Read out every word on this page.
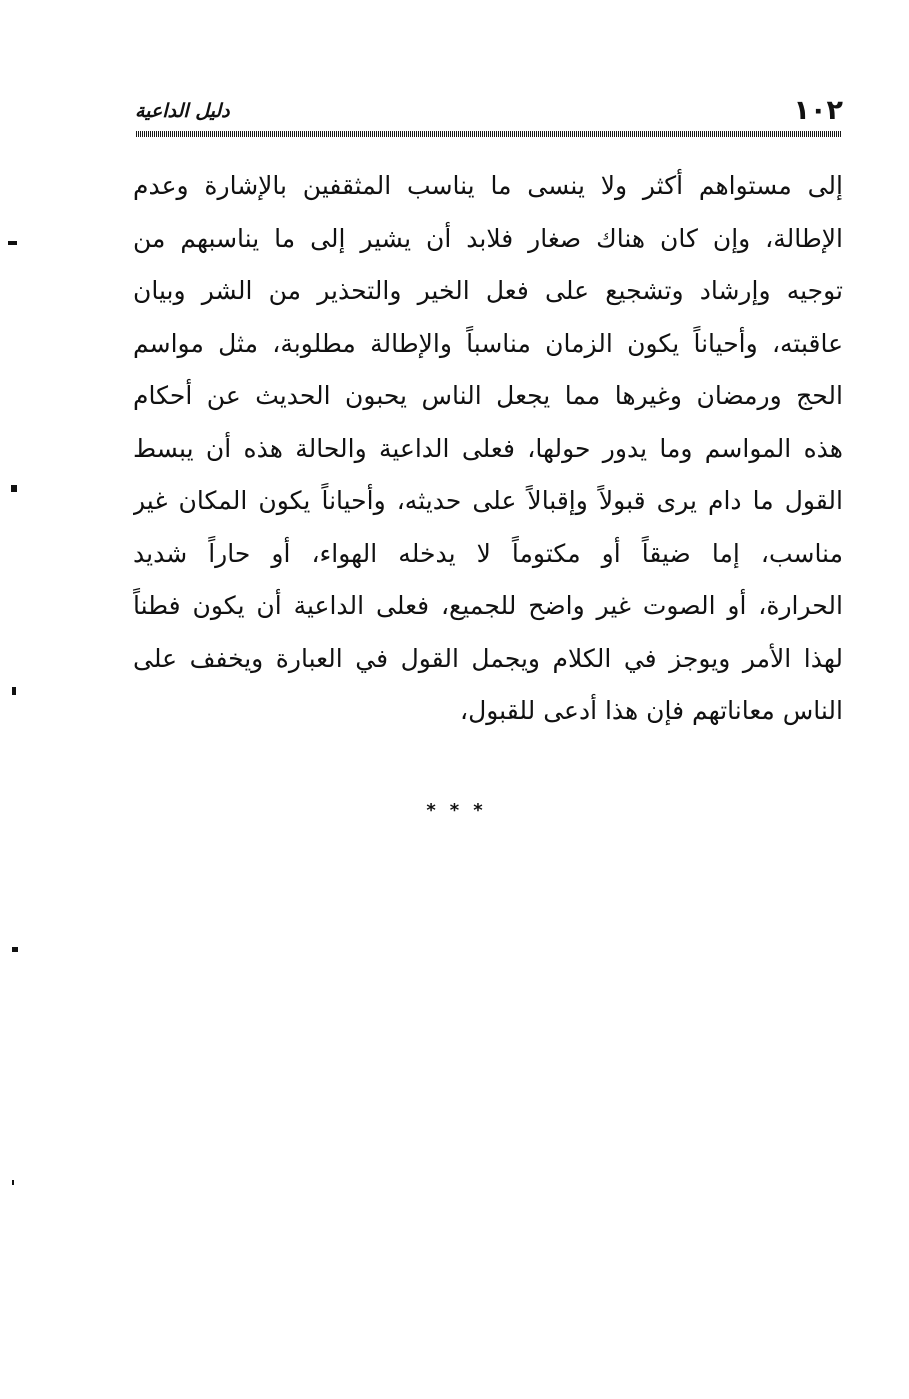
١٠٢
دليل الداعية
إلى مستواهم أكثر ولا ينسى ما يناسب المثقفين بالإشارة وعدم
الإطالة، وإن كان هناك صغار فلابد أن يشير إلى ما يناسبهم من
توجيه وإرشاد وتشجيع على فعل الخير والتحذير من الشر وبيان
عاقبته، وأحياناً يكون الزمان مناسباً والإطالة مطلوبة، مثل مواسم
الحج ورمضان وغيرها مما يجعل الناس يحبون الحديث عن أحكام
هذه المواسم وما يدور حولها، فعلى الداعية والحالة هذه أن يبسط
القول ما دام يرى قبولاً وإقبالاً على حديثه، وأحياناً يكون المكان غير
مناسب، إما ضيقاً أو مكتوماً لا يدخله الهواء، أو حاراً شديد
الحرارة، أو الصوت غير واضح للجميع، فعلى الداعية أن يكون فطناً
لهذا الأمر ويوجز في الكلام ويجمل القول في العبارة ويخفف على
الناس معاناتهم فإن هذا أدعى للقبول،
***
